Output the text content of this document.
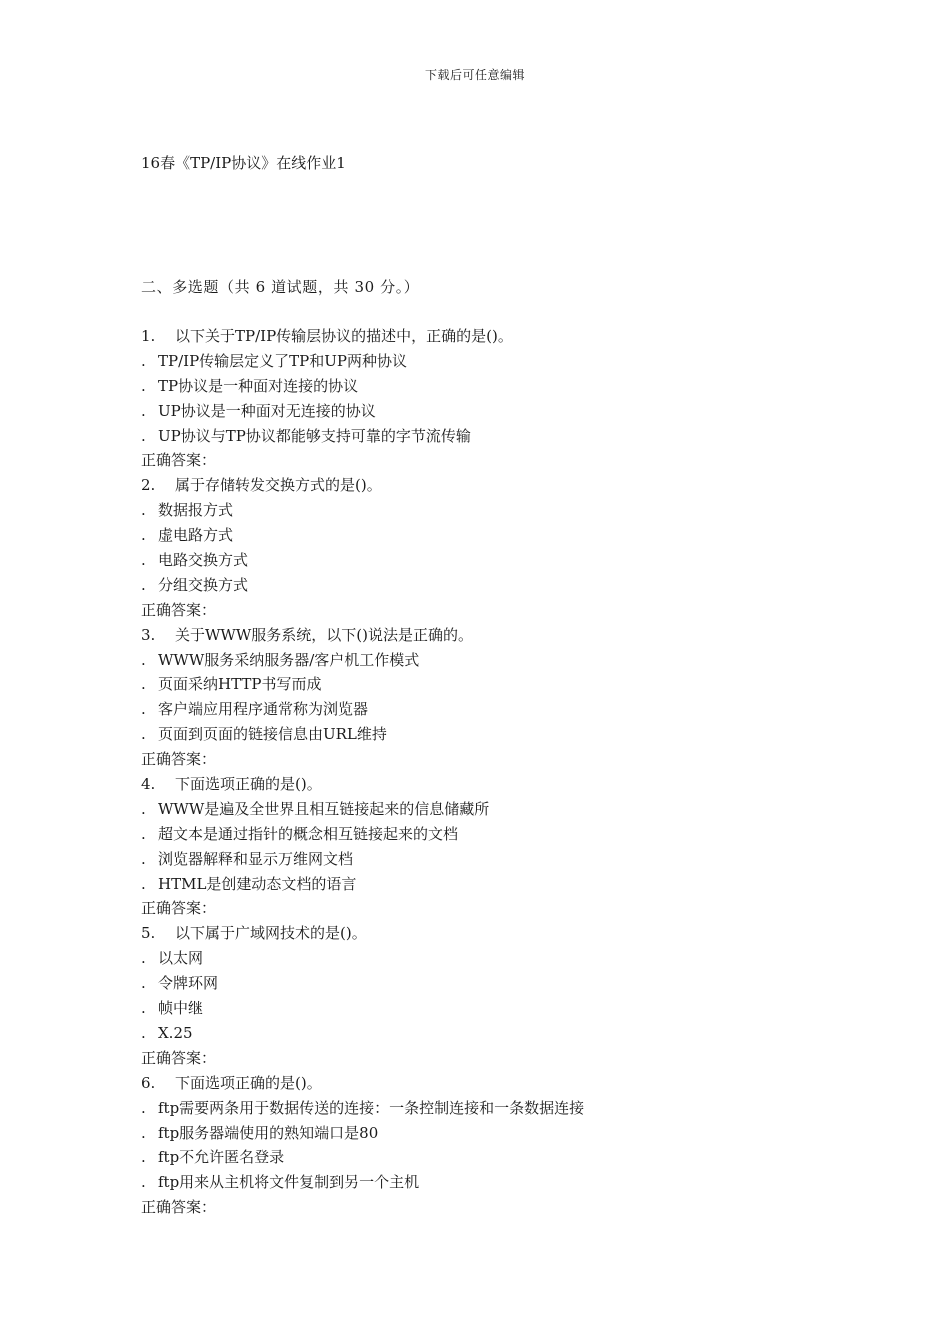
下载后可任意编辑
16春《TP/IP协议》在线作业1
二、多选题（共 6 道试题，共 30 分。）
1. 以下关于TP/IP传输层协议的描述中，正确的是()。
. TP/IP传输层定义了TP和UP两种协议
. TP协议是一种面对连接的协议
. UP协议是一种面对无连接的协议
. UP协议与TP协议都能够支持可靠的字节流传输
正确答案：
2. 属于存储转发交换方式的是()。
. 数据报方式
. 虚电路方式
. 电路交换方式
. 分组交换方式
正确答案：
3. 关于WWW服务系统，以下()说法是正确的。
. WWW服务采纳服务器/客户机工作模式
. 页面采纳HTTP书写而成
. 客户端应用程序通常称为浏览器
. 页面到页面的链接信息由URL维持
正确答案：
4. 下面选项正确的是()。
. WWW是遍及全世界且相互链接起来的信息储藏所
. 超文本是通过指针的概念相互链接起来的文档
. 浏览器解释和显示万维网文档
. HTML是创建动态文档的语言
正确答案：
5. 以下属于广域网技术的是()。
. 以太网
. 令牌环网
. 帧中继
. X.25
正确答案：
6. 下面选项正确的是()。
. ftp需要两条用于数据传送的连接：一条控制连接和一条数据连接
. ftp服务器端使用的熟知端口是80
. ftp不允许匿名登录
. ftp用来从主机将文件复制到另一个主机
正确答案：
